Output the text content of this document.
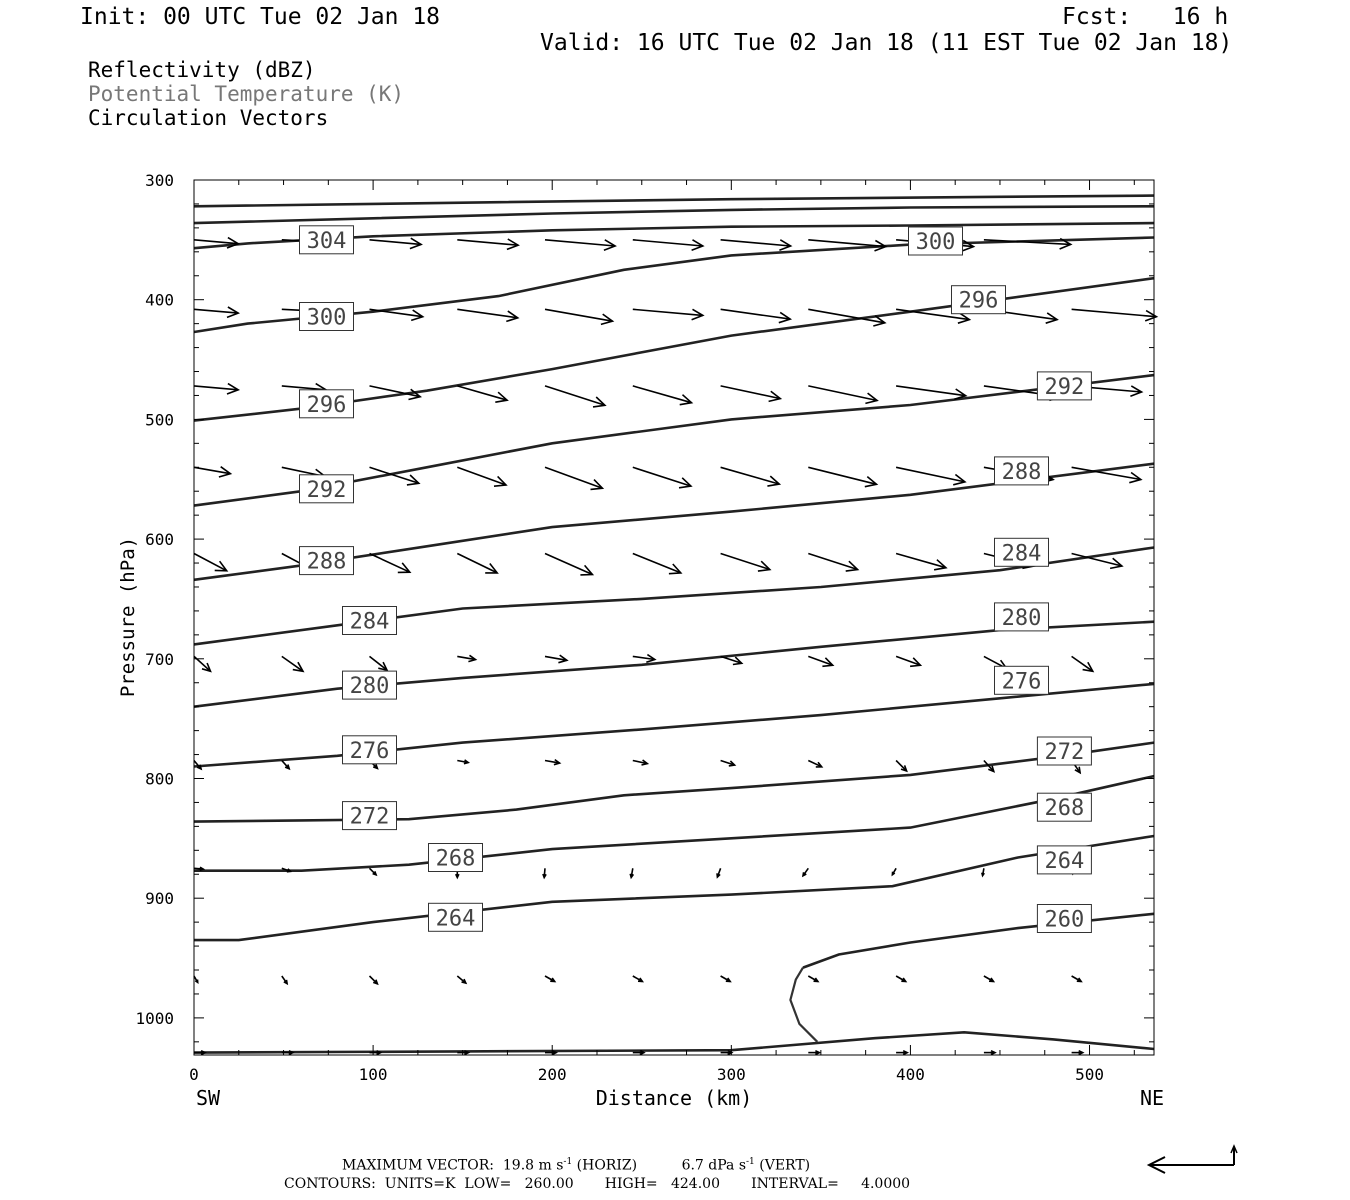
Init: 00 UTC Tue 02 Jan 18	Fcst:   16 h
Valid: 16 UTC Tue 02 Jan 18 (11 EST Tue 02 Jan 18)
Reflectivity (dBZ)
Potential Temperature (K)
Circulation Vectors
304
300
296
292
288
284
280
276
272
268
264
300
296
292
288
284
280
276
272
268
264
260
0	100	200	300	400	500
300
400
500
600
700
800
900
1000
Distance (km)
SW	NE
Pressure (hPa)
MAXIMUM VECTOR:  19.8 m $s^{-1}$ (HORIZ)          6.7 dPa $s^{-1}$ (VERT)
CONTOURS:  UNITS=K  LOW=   260.00       HIGH=   424.00       INTERVAL=     4.0000
